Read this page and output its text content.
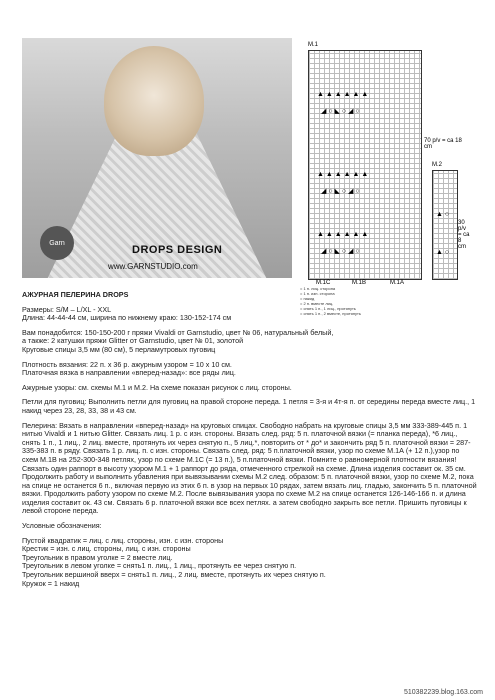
Garn
DROPS DESIGN
www.GARNSTUDIO.com
M.1
▲ ▲ ▲ ▲ ▲ ▲
◢ ○ ◣ ○ ◢ ○
▲ ▲ ▲ ▲ ▲ ▲
◢ ○ ◣ ○ ◢ ○
▲ ▲ ▲ ▲ ▲ ▲
◢ ○ ◣ ○ ◢ ○
70 p/v = ca 18 cm
M.2
▲ ○
▲ ○
30 p/v = ca 8 cm
M.1C	M.1B	M.1A
= 1 п. лиц. сторона
= 1 п. изн. сторона
= накид
= 2 п. вместе лиц.
= снять 1 п., 1 лиц., протянуть
= снять 1 п., 2 вместе, протянуть

АЖУРНАЯ ПЕЛЕРИНА DROPS

Размеры: S/M – L/XL - XXL
Длина: 44-44-44 см, ширина по нижнему краю: 130-152-174 см

Вам понадобится: 150-150-200 г пряжи Vivaldi от Garnstudio, цвет № 06, натуральный белый,
а также: 2 катушки пряжи Glitter от Garnstudio, цвет № 01, золотой
Круговые спицы 3,5 мм (80 см), 5 перламутровых пуговиц

Плотность вязания: 22 п. х 36 р. ажурным узором = 10 х 10 см.
Платочная вязка в направлении «вперед-назад»: все ряды лиц.

Ажурные узоры: см. схемы М.1 и М.2. На схеме показан рисунок с лиц. стороны.

Петли для пуговиц: Выполнить петли для пуговиц на правой стороне переда. 1 петля = 3-я и 4т-я п. от середины переда вместе лиц., 1 накид через 23, 28, 33, 38 и 43 см.

Пелерина: Вязать в направлении «вперед-назад» на круговых спицах. Свободно набрать на круговые спицы 3,5 мм 333-389-445 п. 1 нитью Vivaldi и 1 нитью Glitter. Связать лиц. 1 р. с изн. стороны. Вязать след. ряд: 5 п. платочной вязки (= планка переда), *6 лиц., снять 1 п., 1 лиц., 2 лиц. вместе, протянуть их через снятую п., 5 лиц.*, повторить от * до* и закончить ряд 5 п. платочной вязки = 287-335-383 п. в ряду. Связать 1 р. лиц. п. с изн. стороны. Связать след. ряд: 5 п.платочной вязки, узор по схеме М.1А (+ 12 п.),узор по схем М.1В на 252-300-348 петлях, узор по схеме М.1С (= 13 п.), 5 п.платочной вязки. Помните о равномерной плотности вязания! Связать один раппорт в высоту узором М.1 + 1 раппорт до ряда, отмеченного стрелкой на схеме. Длина изделия составит ок. 35 см. Продолжить работу и выполнить убавления при вывязывании схемы М.2 след. образом: 5 п. платочной вязки, узор по схеме М.2, пока на спице не останется 6 п., включая первую из этих 6 п. в узор на первых 10 рядах, затем вязать лиц. гладью, закончить 5 п. платочной вязки. Продолжить работу узором по схеме М.2. После вывязывания узора по схеме М.2 на спице останется 126-146-166 п. и длина изделия составит ок. 43 см. Связать 6 р. платочной вязки все всех петлях. а затем свободно закрыть все петли. Пришить пуговицы к левой стороне переда.

Условные обозначения:

Пустой квадратик = лиц. с лиц. стороны, изн. с изн. стороны
Крестик = изн. с лиц. стороны, лиц. с изн. стороны
Треугольник в правом уголке = 2 вместе лиц.
Треугольник в левом уголке = снять1 п. лиц., 1 лиц., протянуть ее через снятую п.
Треугольник вершиной вверх = снять1 п. лиц., 2 лиц. вместе, протянуть их через снятую п.
Кружок = 1 накид

510382239.blog.163.com
